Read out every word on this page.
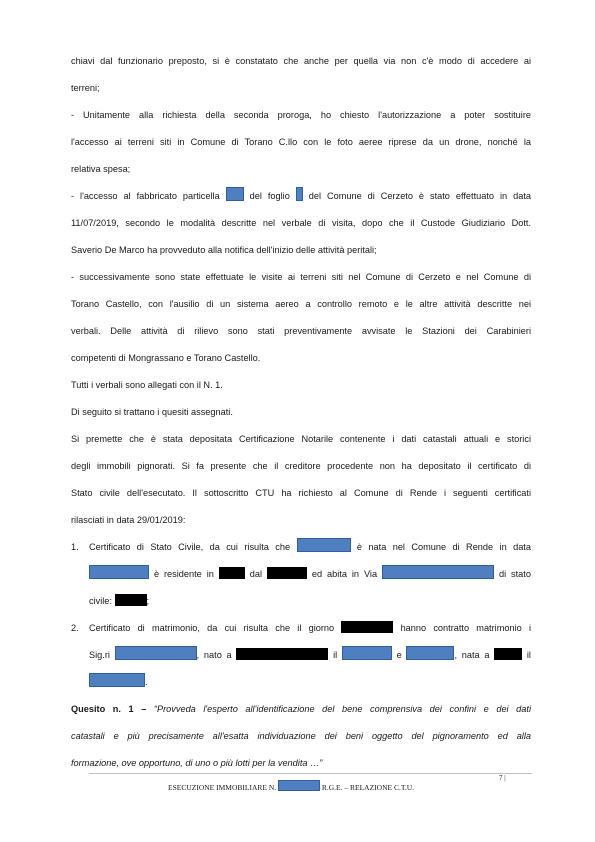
chiavi dal funzionario preposto, si è constatato che anche per quella via non c'è modo di accedere ai

terreni;

- Unitamente alla richiesta della seconda proroga, ho chiesto l'autorizzazione a poter sostituire

l'accesso ai terreni siti in Comune di Torano C.llo con le foto aeree riprese da un drone, nonché la

relativa spesa;

- l'accesso al fabbricato particella	del foglio del Comune di Cerzeto è stato effettuato in data

11/07/2019, secondo le modalità descritte nel verbale di visita, dopo che il Custode Giudiziario Dott.

Saverio De Marco ha provveduto alla notifica dell'inizio delle attività peritali;

- successivamente sono state effettuate le visite ai terreni siti nel Comune di Cerzeto e nel Comune di

Torano Castello, con l'ausilio di un sistema aereo a controllo remoto e le altre attività descritte nei

verbali. Delle attività di rilievo sono stati preventivamente avvisate le Stazioni dei Carabinieri

competenti di Mongrassano e Torano Castello.

Tutti i verbali sono allegati con il N. 1.

Di seguito si trattano i quesiti assegnati.

Si premette che è stata depositata Certificazione Notarile contenente i dati catastali attuali e storici

degli immobili pignorati. Si fa presente che il creditore procedente non ha depositato il certificato di

Stato civile dell'esecutato. Il sottoscritto CTU ha richiesto al Comune di Rende i seguenti certificati

rilasciati in data 29/01/2019:

1. Certificato di Stato Civile, da cui risulta che	è nata nel Comune di Rende in data

è residente in	dal	ed abita in Via	di stato

civile:	;

2. Certificato di matrimonio, da cui risulta che il giorno	hanno contratto matrimonio i

Sig.ri	, nato a	il	e	, nata a	il

.

Quesito n. 1 – “Provveda l'esperto all'identificazione del bene comprensiva dei confini e dei dati

catastali e più precisamente all'esatta individuazione dei beni oggetto del pignoramento ed alla

formazione, ove opportuno, di uno o più lotti per la vendita …”

7 |
ESECUZIONE IMMOBILIARE N.	R.G.E. – RELAZIONE C.T.U.
